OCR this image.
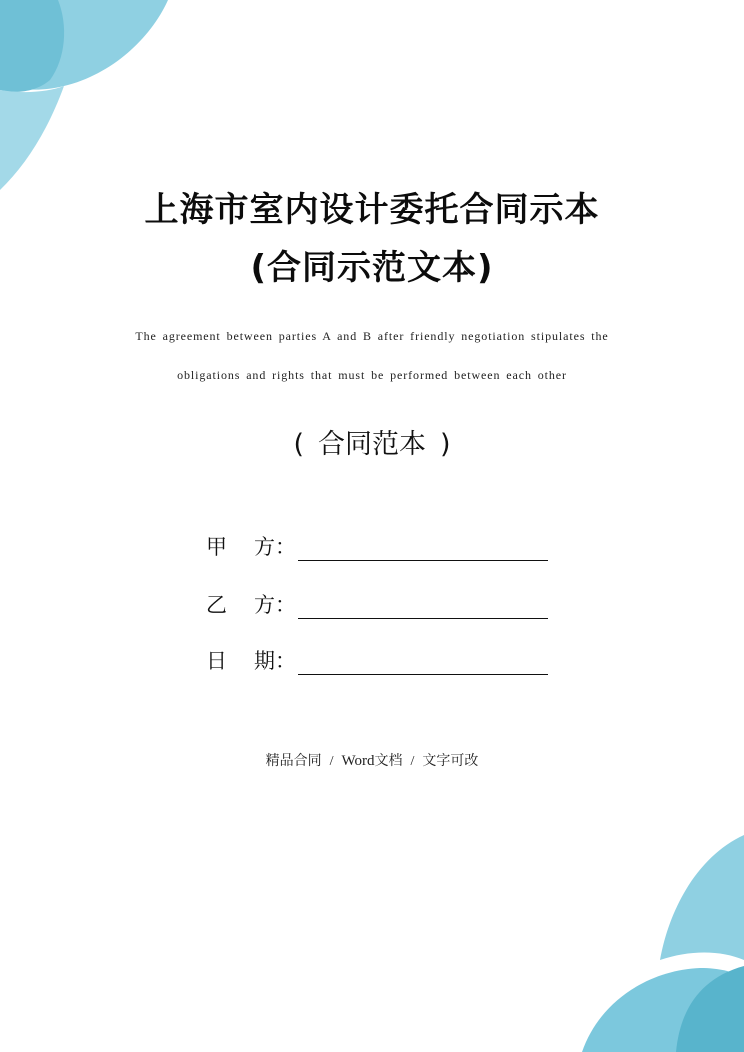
上海市室内设计委托合同示本
(合同示范文本)
The agreement between parties A and B after friendly negotiation stipulates the
obligations and rights that must be performed between each other
( 合同范本 )
甲	方：
乙	方：
日	期：
精品合同 / Word文档 / 文字可改
